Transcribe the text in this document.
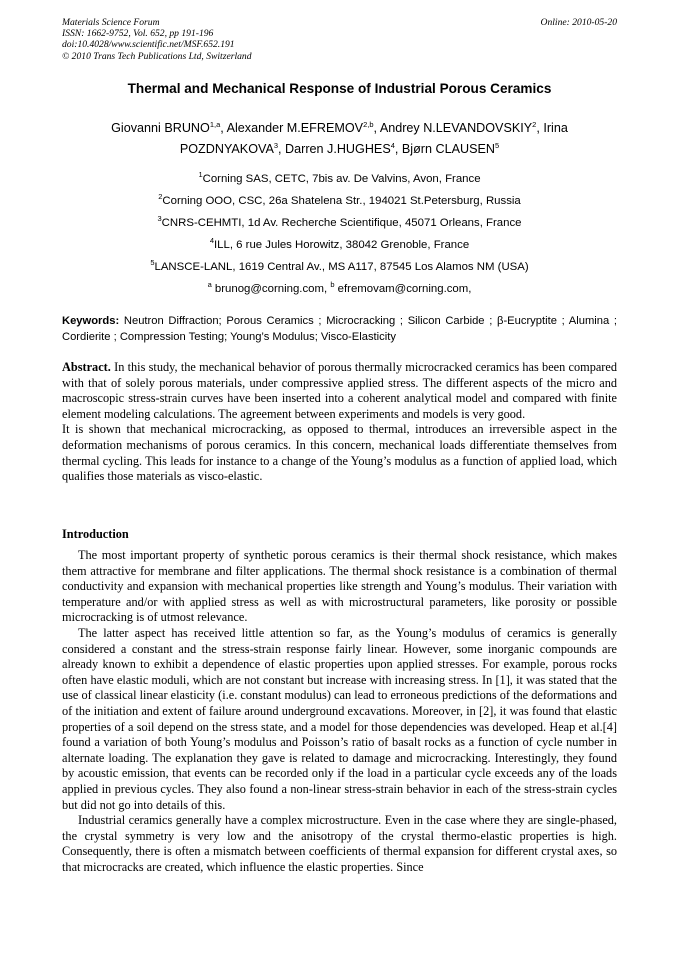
Materials Science Forum
ISSN: 1662-9752, Vol. 652, pp 191-196
doi:10.4028/www.scientific.net/MSF.652.191
© 2010 Trans Tech Publications Ltd, Switzerland
Online: 2010-05-20
Thermal and Mechanical Response of Industrial Porous Ceramics
Giovanni BRUNO$^{1,a}$, Alexander M.EFREMOV$^{2,b}$, Andrey N.LEVANDOVSKIY$^2$, Irina POZDNYAKOVA$^3$, Darren J.HUGHES$^4$, Bjørn CLAUSEN$^5$
$^1$Corning SAS, CETC, 7bis av. De Valvins, Avon, France
$^2$Corning OOO, CSC, 26a Shatelena Str., 194021 St.Petersburg, Russia
$^3$CNRS-CEHMTI, 1d Av. Recherche Scientifique, 45071 Orleans, France
$^4$ILL, 6 rue Jules Horowitz, 38042 Grenoble, France
$^5$LANSCE-LANL, 1619 Central Av., MS A117, 87545 Los Alamos NM (USA)
$^a$ brunog@corning.com, $^b$ efremovam@corning.com,
Keywords: Neutron Diffraction; Porous Ceramics ; Microcracking ; Silicon Carbide ; β-Eucryptite ; Alumina ; Cordierite ; Compression Testing; Young’s Modulus; Visco-Elasticity

Abstract. In this study, the mechanical behavior of porous thermally microcracked ceramics has been compared with that of solely porous materials, under compressive applied stress. The different aspects of the micro and macroscopic stress-strain curves have been inserted into a coherent analytical model and compared with finite element modeling calculations. The agreement between experiments and models is very good.

It is shown that mechanical microcracking, as opposed to thermal, introduces an irreversible aspect in the deformation mechanisms of porous ceramics. In this concern, mechanical loads differentiate themselves from thermal cycling. This leads for instance to a change of the Young’s modulus as a function of applied load, which qualifies those materials as visco-elastic.

Introduction

The most important property of synthetic porous ceramics is their thermal shock resistance, which makes them attractive for membrane and filter applications. The thermal shock resistance is a combination of thermal conductivity and expansion with mechanical properties like strength and Young’s modulus. Their variation with temperature and/or with applied stress as well as with microstructural parameters, like porosity or possible microcracking is of utmost relevance.

The latter aspect has received little attention so far, as the Young’s modulus of ceramics is generally considered a constant and the stress-strain response fairly linear. However, some inorganic compounds are already known to exhibit a dependence of elastic properties upon applied stresses. For example, porous rocks often have elastic moduli, which are not constant but increase with increasing stress. In [1], it was stated that the use of classical linear elasticity (i.e. constant modulus) can lead to erroneous predictions of the deformations and of the initiation and extent of failure around underground excavations. Moreover, in [2], it was found that elastic properties of a soil depend on the stress state, and a model for those dependencies was developed. Heap et al.[4] found a variation of both Young’s modulus and Poisson’s ratio of basalt rocks as a function of cycle number in alternate loading. The explanation they gave is related to damage and microcracking. Interestingly, they found by acoustic emission, that events can be recorded only if the load in a particular cycle exceeds any of the loads applied in previous cycles. They also found a non-linear stress-strain behavior in each of the stress-strain cycles but did not go into details of this.

Industrial ceramics generally have a complex microstructure. Even in the case where they are single-phased, the crystal symmetry is very low and the anisotropy of the crystal thermo-elastic properties is high. Consequently, there is often a mismatch between coefficients of thermal expansion for different crystal axes, so that microcracks are created, which influence the elastic properties. Since
